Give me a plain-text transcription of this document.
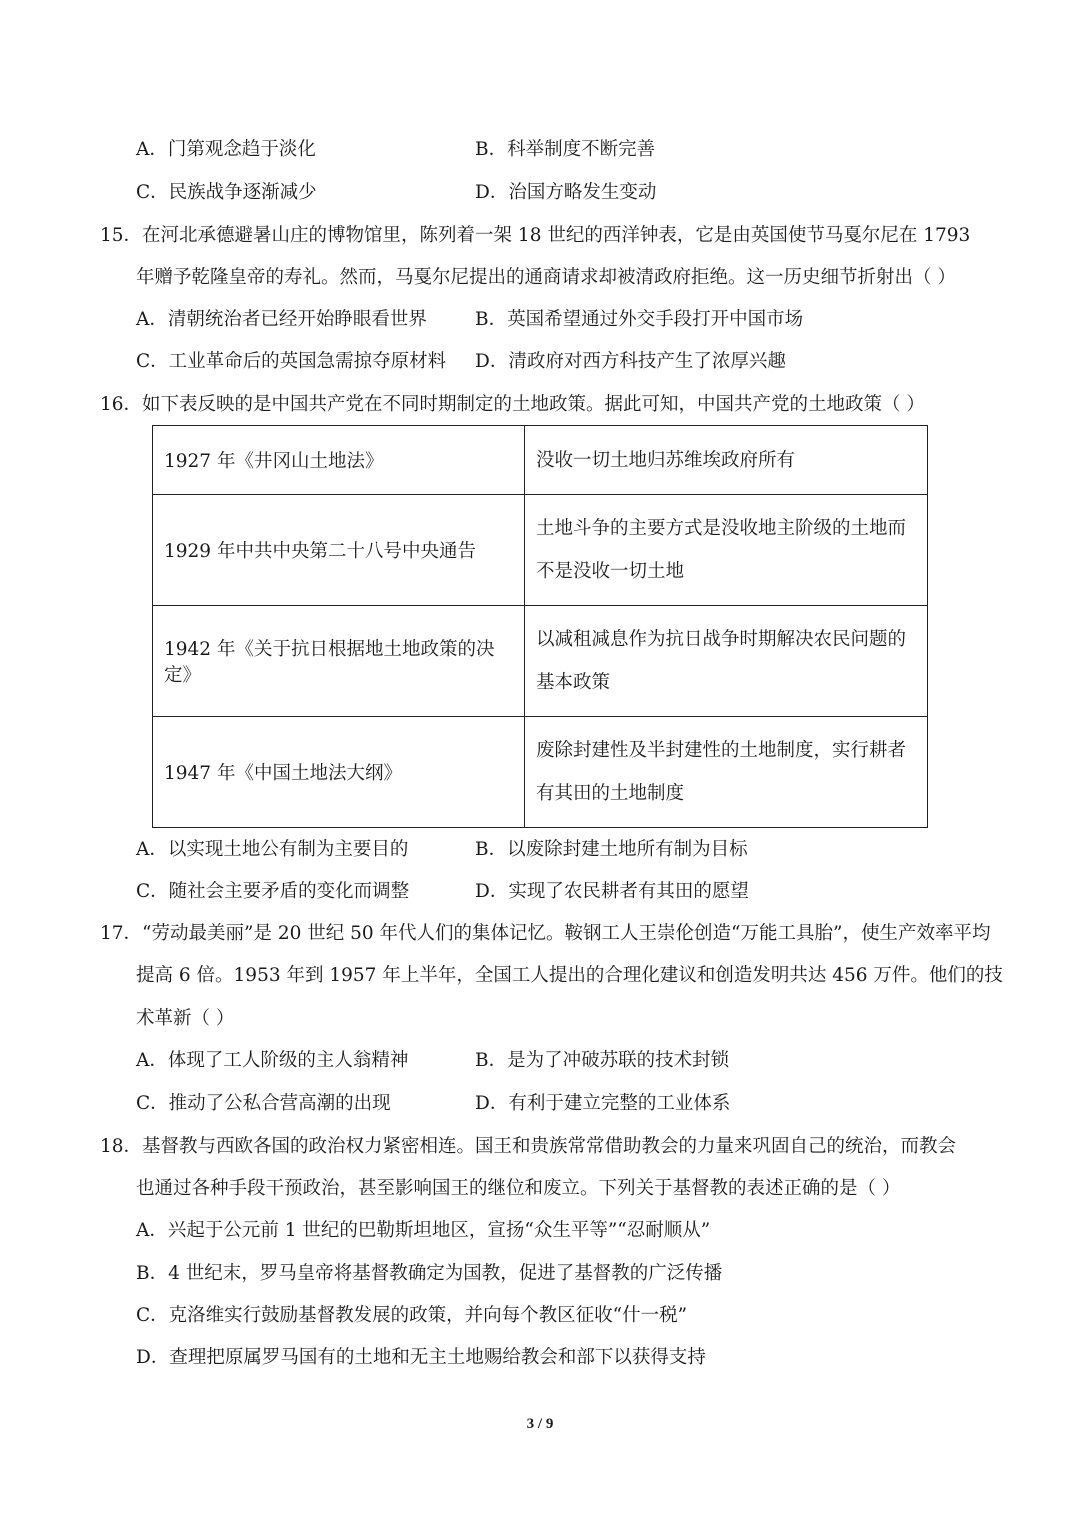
A．门第观念趋于淡化	B．科举制度不断完善
C．民族战争逐渐减少	D．治国方略发生变动
15．在河北承德避暑山庄的博物馆里，陈列着一架 18 世纪的西洋钟表，它是由英国使节马戛尔尼在 1793
年赠予乾隆皇帝的寿礼。然而，马戛尔尼提出的通商请求却被清政府拒绝。这一历史细节折射出（ ）
A．清朝统治者已经开始睁眼看世界	B．英国希望通过外交手段打开中国市场
C．工业革命后的英国急需掠夺原材料 D．清政府对西方科技产生了浓厚兴趣
16．如下表反映的是中国共产党在不同时期制定的土地政策。据此可知，中国共产党的土地政策（ ）
1927 年《井冈山土地法》	没收一切土地归苏维埃政府所有

1929 年中共中央第二十八号中央通告	土地斗争的主要方式是没收地主阶级的土地而
不是没收一切土地

1942 年《关于抗日根据地土地政策的决定》	以减租减息作为抗日战争时期解决农民问题的
基本政策

1947 年《中国土地法大纲》	废除封建性及半封建性的土地制度，实行耕者
有其田的土地制度
A．以实现土地公有制为主要目的	B．以废除封建土地所有制为目标
C．随社会主要矛盾的变化而调整	D．实现了农民耕者有其田的愿望
17．“劳动最美丽”是 20 世纪 50 年代人们的集体记忆。鞍钢工人王崇伦创造“万能工具胎”，使生产效率平均
提高 6 倍。1953 年到 1957 年上半年，全国工人提出的合理化建议和创造发明共达 456 万件。他们的技
术革新（ ）
A．体现了工人阶级的主人翁精神	B．是为了冲破苏联的技术封锁
C．推动了公私合营高潮的出现	D．有利于建立完整的工业体系
18．基督教与西欧各国的政治权力紧密相连。国王和贵族常常借助教会的力量来巩固自己的统治，而教会
也通过各种手段干预政治，甚至影响国王的继位和废立。下列关于基督教的表述正确的是（ ）
A．兴起于公元前 1 世纪的巴勒斯坦地区，宣扬“众生平等”“忍耐顺从”
B．4 世纪末，罗马皇帝将基督教确定为国教，促进了基督教的广泛传播
C．克洛维实行鼓励基督教发展的政策，并向每个教区征收“什一税”
D．查理把原属罗马国有的土地和无主土地赐给教会和部下以获得支持
3 / 9
